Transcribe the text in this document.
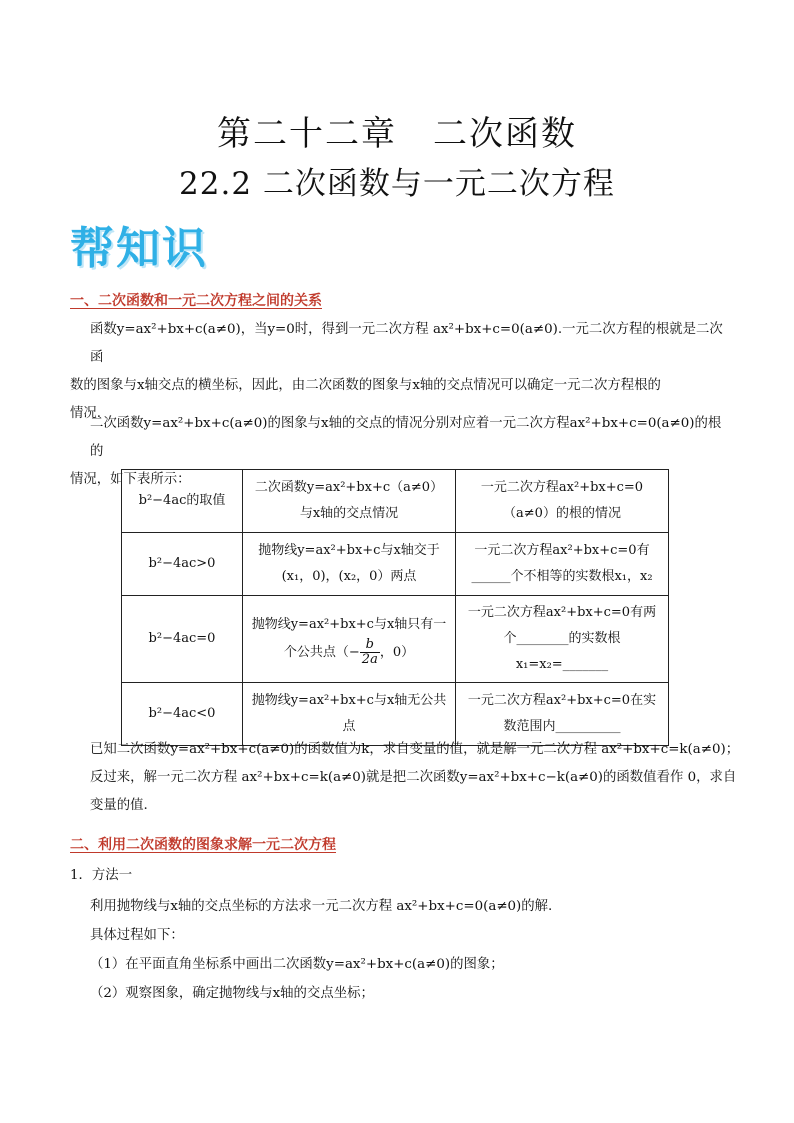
第二十二章　二次函数
22.2 二次函数与一元二次方程
帮知识
一、二次函数和一元二次方程之间的关系

函数y=ax²+bx+c(a≠0)，当y=0时，得到一元二次方程 ax²+bx+c=0(a≠0).一元二次方程的根就是二次函
数的图象与x轴交点的横坐标，因此，由二次函数的图象与x轴的交点情况可以确定一元二次方程根的
情况.

二次函数y=ax²+bx+c(a≠0)的图象与x轴的交点的情况分别对应着一元二次方程ax²+bx+c=0(a≠0)的根的
情况，如下表所示：

b²−4ac的取值	二次函数y=ax²+bx+c（a≠0）与x轴的交点情况	一元二次方程ax²+bx+c=0（a≠0）的根的情况
b²−4ac>0	抛物线y=ax²+bx+c与x轴交于(x₁，0)，(x₂，0）两点	一元二次方程ax²+bx+c=0有______个不相等的实数根x₁，x₂
b²−4ac=0	抛物线y=ax²+bx+c与x轴只有一个公共点（− $\frac{b}{2a}$ ，0）	一元二次方程ax²+bx+c=0有两个________的实数根x₁=x₂=_______
b²−4ac<0	抛物线y=ax²+bx+c与x轴无公共点	一元二次方程ax²+bx+c=0在实数范围内__________

已知二次函数y=ax²+bx+c(a≠0)的函数值为k，求自变量的值，就是解一元二次方程 ax²+bx+c=k(a≠0)；
反过来，解一元二次方程 ax²+bx+c=k(a≠0)就是把二次函数y=ax²+bx+c−k(a≠0)的函数值看作 0，求自
变量的值.

二、利用二次函数的图象求解一元二次方程

1．方法一

利用抛物线与x轴的交点坐标的方法求一元二次方程 ax²+bx+c=0(a≠0)的解.
具体过程如下：
（1）在平面直角坐标系中画出二次函数y=ax²+bx+c(a≠0)的图象；
（2）观察图象，确定抛物线与x轴的交点坐标；
